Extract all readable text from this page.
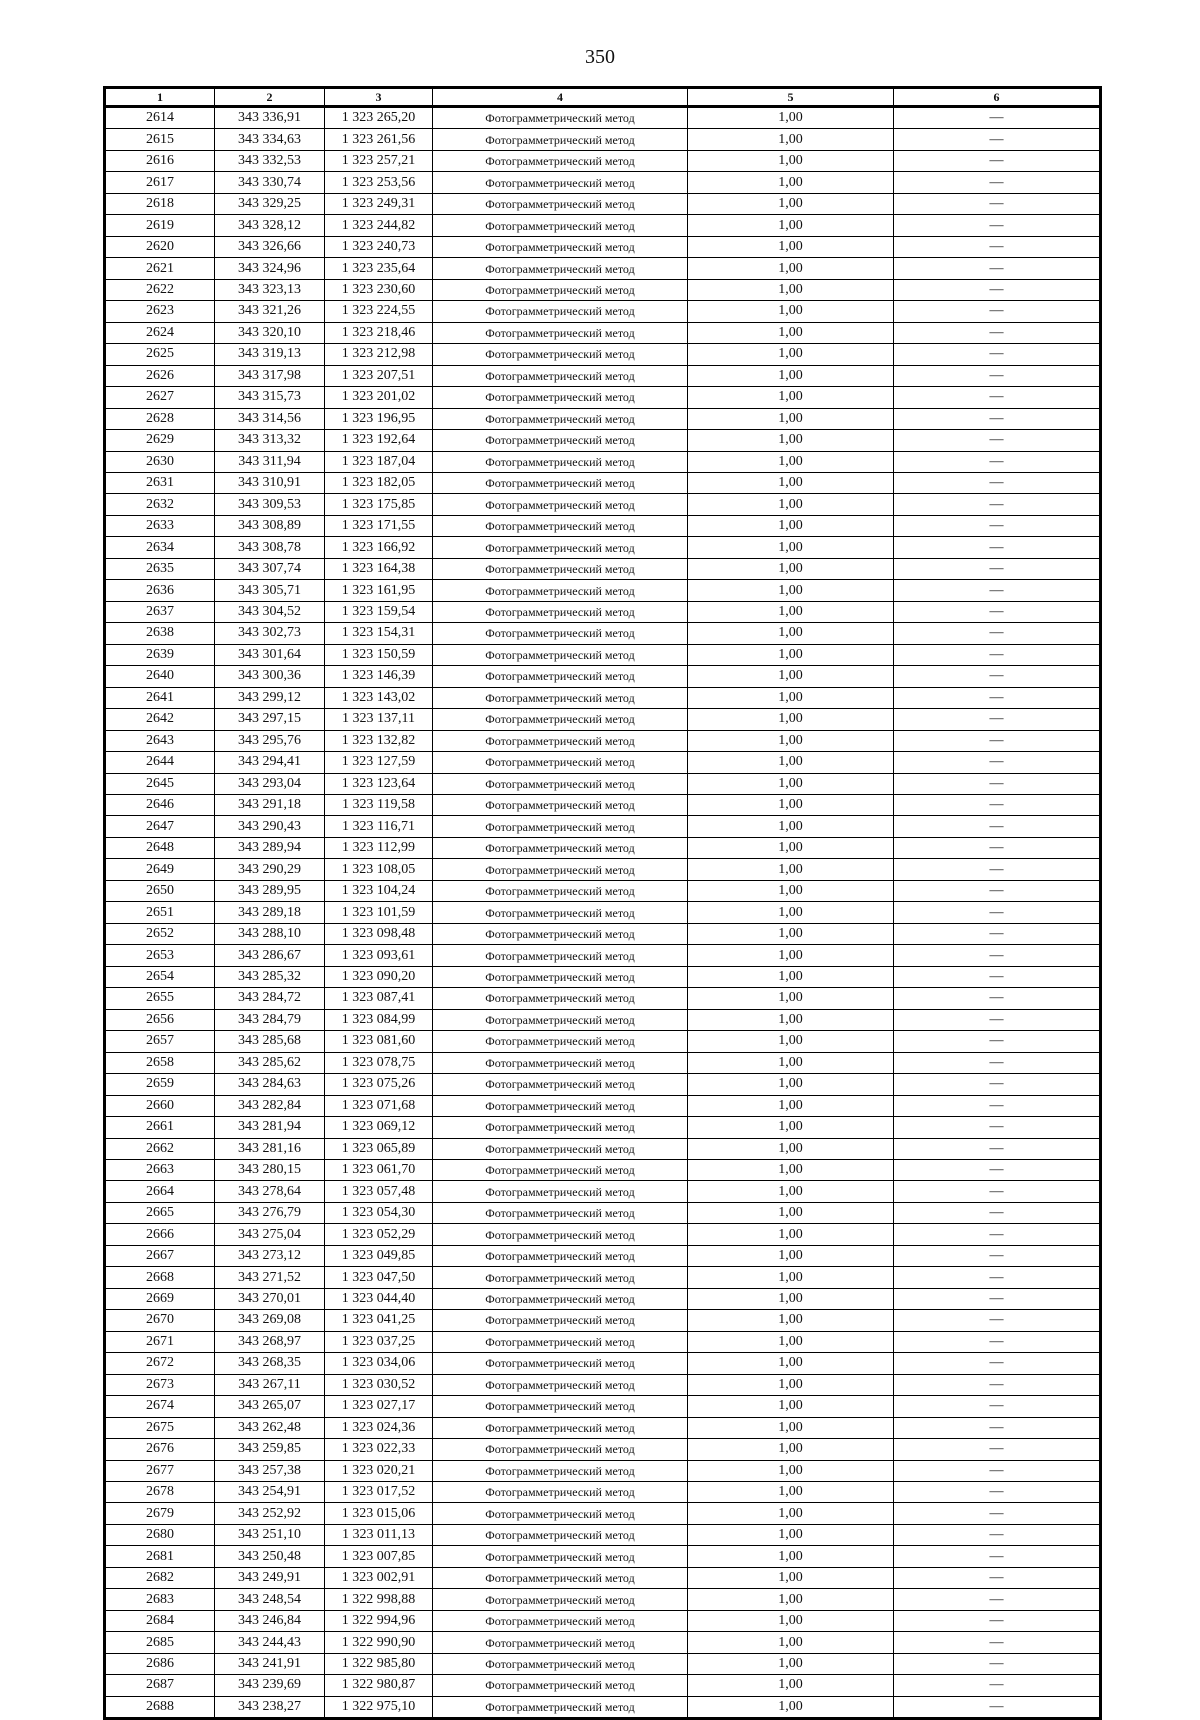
350
1	2	3	4	5	6
2614	343 336,91	1 323 265,20	Фотограмметрический метод	1,00	—
2615	343 334,63	1 323 261,56	Фотограмметрический метод	1,00	—
2616	343 332,53	1 323 257,21	Фотограмметрический метод	1,00	—
2617	343 330,74	1 323 253,56	Фотограмметрический метод	1,00	—
2618	343 329,25	1 323 249,31	Фотограмметрический метод	1,00	—
2619	343 328,12	1 323 244,82	Фотограмметрический метод	1,00	—
2620	343 326,66	1 323 240,73	Фотограмметрический метод	1,00	—
2621	343 324,96	1 323 235,64	Фотограмметрический метод	1,00	—
2622	343 323,13	1 323 230,60	Фотограмметрический метод	1,00	—
2623	343 321,26	1 323 224,55	Фотограмметрический метод	1,00	—
2624	343 320,10	1 323 218,46	Фотограмметрический метод	1,00	—
2625	343 319,13	1 323 212,98	Фотограмметрический метод	1,00	—
2626	343 317,98	1 323 207,51	Фотограмметрический метод	1,00	—
2627	343 315,73	1 323 201,02	Фотограмметрический метод	1,00	—
2628	343 314,56	1 323 196,95	Фотограмметрический метод	1,00	—
2629	343 313,32	1 323 192,64	Фотограмметрический метод	1,00	—
2630	343 311,94	1 323 187,04	Фотограмметрический метод	1,00	—
2631	343 310,91	1 323 182,05	Фотограмметрический метод	1,00	—
2632	343 309,53	1 323 175,85	Фотограмметрический метод	1,00	—
2633	343 308,89	1 323 171,55	Фотограмметрический метод	1,00	—
2634	343 308,78	1 323 166,92	Фотограмметрический метод	1,00	—
2635	343 307,74	1 323 164,38	Фотограмметрический метод	1,00	—
2636	343 305,71	1 323 161,95	Фотограмметрический метод	1,00	—
2637	343 304,52	1 323 159,54	Фотограмметрический метод	1,00	—
2638	343 302,73	1 323 154,31	Фотограмметрический метод	1,00	—
2639	343 301,64	1 323 150,59	Фотограмметрический метод	1,00	—
2640	343 300,36	1 323 146,39	Фотограмметрический метод	1,00	—
2641	343 299,12	1 323 143,02	Фотограмметрический метод	1,00	—
2642	343 297,15	1 323 137,11	Фотограмметрический метод	1,00	—
2643	343 295,76	1 323 132,82	Фотограмметрический метод	1,00	—
2644	343 294,41	1 323 127,59	Фотограмметрический метод	1,00	—
2645	343 293,04	1 323 123,64	Фотограмметрический метод	1,00	—
2646	343 291,18	1 323 119,58	Фотограмметрический метод	1,00	—
2647	343 290,43	1 323 116,71	Фотограмметрический метод	1,00	—
2648	343 289,94	1 323 112,99	Фотограмметрический метод	1,00	—
2649	343 290,29	1 323 108,05	Фотограмметрический метод	1,00	—
2650	343 289,95	1 323 104,24	Фотограмметрический метод	1,00	—
2651	343 289,18	1 323 101,59	Фотограмметрический метод	1,00	—
2652	343 288,10	1 323 098,48	Фотограмметрический метод	1,00	—
2653	343 286,67	1 323 093,61	Фотограмметрический метод	1,00	—
2654	343 285,32	1 323 090,20	Фотограмметрический метод	1,00	—
2655	343 284,72	1 323 087,41	Фотограмметрический метод	1,00	—
2656	343 284,79	1 323 084,99	Фотограмметрический метод	1,00	—
2657	343 285,68	1 323 081,60	Фотограмметрический метод	1,00	—
2658	343 285,62	1 323 078,75	Фотограмметрический метод	1,00	—
2659	343 284,63	1 323 075,26	Фотограмметрический метод	1,00	—
2660	343 282,84	1 323 071,68	Фотограмметрический метод	1,00	—
2661	343 281,94	1 323 069,12	Фотограмметрический метод	1,00	—
2662	343 281,16	1 323 065,89	Фотограмметрический метод	1,00	—
2663	343 280,15	1 323 061,70	Фотограмметрический метод	1,00	—
2664	343 278,64	1 323 057,48	Фотограмметрический метод	1,00	—
2665	343 276,79	1 323 054,30	Фотограмметрический метод	1,00	—
2666	343 275,04	1 323 052,29	Фотограмметрический метод	1,00	—
2667	343 273,12	1 323 049,85	Фотограмметрический метод	1,00	—
2668	343 271,52	1 323 047,50	Фотограмметрический метод	1,00	—
2669	343 270,01	1 323 044,40	Фотограмметрический метод	1,00	—
2670	343 269,08	1 323 041,25	Фотограмметрический метод	1,00	—
2671	343 268,97	1 323 037,25	Фотограмметрический метод	1,00	—
2672	343 268,35	1 323 034,06	Фотограмметрический метод	1,00	—
2673	343 267,11	1 323 030,52	Фотограмметрический метод	1,00	—
2674	343 265,07	1 323 027,17	Фотограмметрический метод	1,00	—
2675	343 262,48	1 323 024,36	Фотограмметрический метод	1,00	—
2676	343 259,85	1 323 022,33	Фотограмметрический метод	1,00	—
2677	343 257,38	1 323 020,21	Фотограмметрический метод	1,00	—
2678	343 254,91	1 323 017,52	Фотограмметрический метод	1,00	—
2679	343 252,92	1 323 015,06	Фотограмметрический метод	1,00	—
2680	343 251,10	1 323 011,13	Фотограмметрический метод	1,00	—
2681	343 250,48	1 323 007,85	Фотограмметрический метод	1,00	—
2682	343 249,91	1 323 002,91	Фотограмметрический метод	1,00	—
2683	343 248,54	1 322 998,88	Фотограмметрический метод	1,00	—
2684	343 246,84	1 322 994,96	Фотограмметрический метод	1,00	—
2685	343 244,43	1 322 990,90	Фотограмметрический метод	1,00	—
2686	343 241,91	1 322 985,80	Фотограмметрический метод	1,00	—
2687	343 239,69	1 322 980,87	Фотограмметрический метод	1,00	—
2688	343 238,27	1 322 975,10	Фотограмметрический метод	1,00	—
